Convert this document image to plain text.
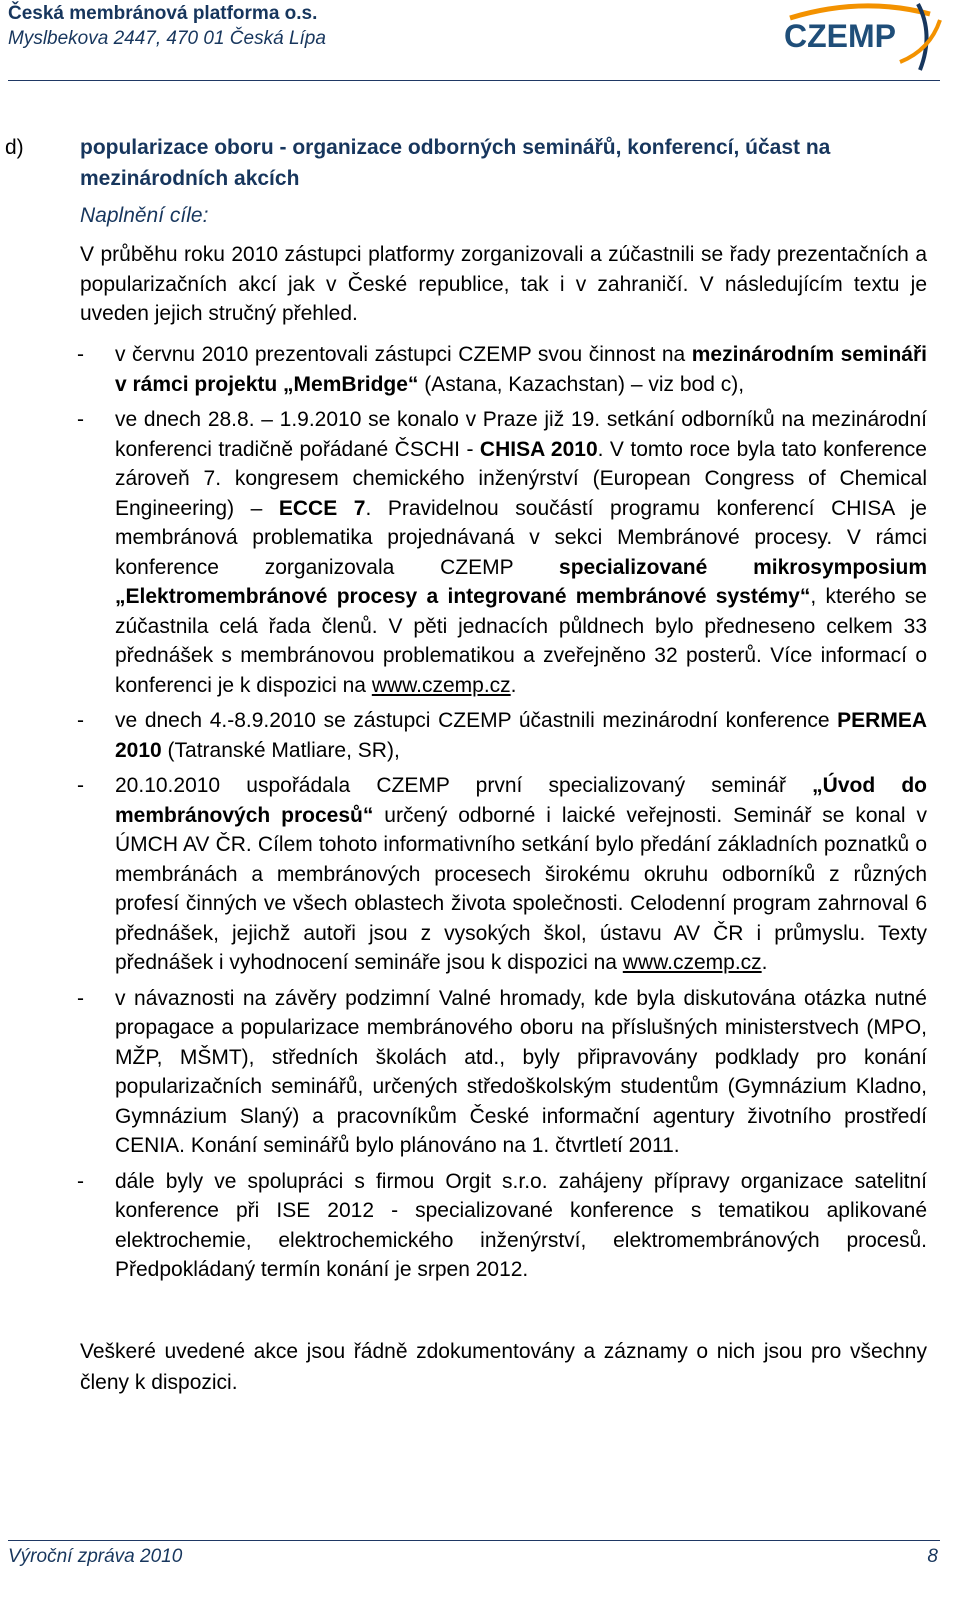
Česká membránová platforma o.s.
Myslbekova 2447, 470 01 Česká Lípa	CZEMP
d)	popularizace oboru - organizace odborných seminářů, konferencí, účast na mezinárodních akcích
Naplnění cíle:
V průběhu roku 2010 zástupci platformy zorganizovali a zúčastnili se řady prezentačních a popularizačních akcí jak v České republice, tak i v zahraničí. V následujícím textu je uveden jejich stručný přehled.
- v červnu 2010 prezentovali zástupci CZEMP svou činnost na mezinárodním semináři v rámci projektu „MemBridge“ (Astana, Kazachstan) – viz bod c),
- ve dnech 28.8. – 1.9.2010 se konalo v Praze již 19. setkání odborníků na mezinárodní konferenci tradičně pořádané ČSCHI - CHISA 2010. V tomto roce byla tato konference zároveň 7. kongresem chemického inženýrství (European Congress of Chemical Engineering) – ECCE 7. Pravidelnou součástí programu konferencí CHISA je membránová problematika projednávaná v sekci Membránové procesy. V rámci konference zorganizovala CZEMP specializované mikrosymposium „Elektromembránové procesy a integrované membránové systémy“, kterého se zúčastnila celá řada členů. V pěti jednacích půldnech bylo předneseno celkem 33 přednášek s membránovou problematikou a zveřejněno 32 posterů. Více informací o konferenci je k dispozici na www.czemp.cz.
- ve dnech 4.-8.9.2010 se zástupci CZEMP účastnili mezinárodní konference PERMEA 2010 (Tatranské Matliare, SR),
- 20.10.2010 uspořádala CZEMP první specializovaný seminář „Úvod do membránových procesů“ určený odborné i laické veřejnosti. Seminář se konal v ÚMCH AV ČR. Cílem tohoto informativního setkání bylo předání základních poznatků o membránách a membránových procesech širokému okruhu odborníků z různých profesí činných ve všech oblastech života společnosti. Celodenní program zahrnoval 6 přednášek, jejichž autoři jsou z vysokých škol, ústavu AV ČR i průmyslu. Texty přednášek i vyhodnocení semináře jsou k dispozici na www.czemp.cz.
- v návaznosti na závěry podzimní Valné hromady, kde byla diskutována otázka nutné propagace a popularizace membránového oboru na příslušných ministerstvech (MPO, MŽP, MŠMT), středních školách atd., byly připravovány podklady pro konání popularizačních seminářů, určených středoškolským studentům (Gymnázium Kladno, Gymnázium Slaný) a pracovníkům České informační agentury životního prostředí CENIA. Konání seminářů bylo plánováno na 1. čtvrtletí 2011.
- dále byly ve spolupráci s firmou Orgit s.r.o. zahájeny přípravy organizace satelitní konference při ISE 2012 - specializované konference s tematikou aplikované elektrochemie, elektrochemického inženýrství, elektromembránových procesů. Předpokládaný termín konání je srpen 2012.
Veškeré uvedené akce jsou řádně zdokumentovány a záznamy o nich jsou pro všechny členy k dispozici.
Výroční zpráva 2010	8
